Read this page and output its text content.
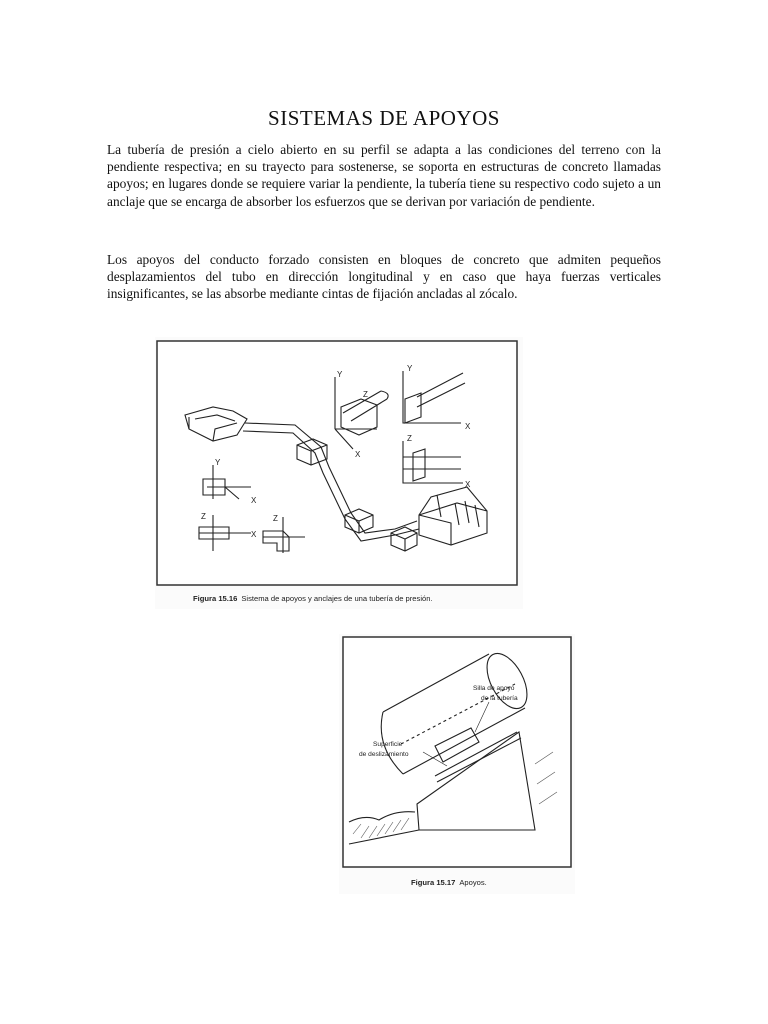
SISTEMAS DE APOYOS

La tubería de presión a cielo abierto en su perfil se adapta a las condiciones del terreno con la pendiente respectiva; en su trayecto para sostenerse, se soporta en estructuras de concreto llamadas apoyos; en lugares donde se requiere variar la pendiente, la tubería tiene su respectivo codo sujeto a un anclaje que se encarga de absorber los esfuerzos que se derivan por variación de pendiente.

Los apoyos del conducto forzado consisten en bloques de concreto que admiten pequeños desplazamientos del tubo en dirección longitudinal y en caso que haya fuerzas verticales insignificantes, se las absorbe mediante cintas de fijación ancladas al zócalo.

Y
Z
X
Y
X
Z
X
Y
X
Z
X
Z
Figura 15.16 Sistema de apoyos y anclajes de una tubería de presión.
Silla de apoyo
de la tubería
Superficie
de deslizamiento
Figura 15.17 Apoyos.
